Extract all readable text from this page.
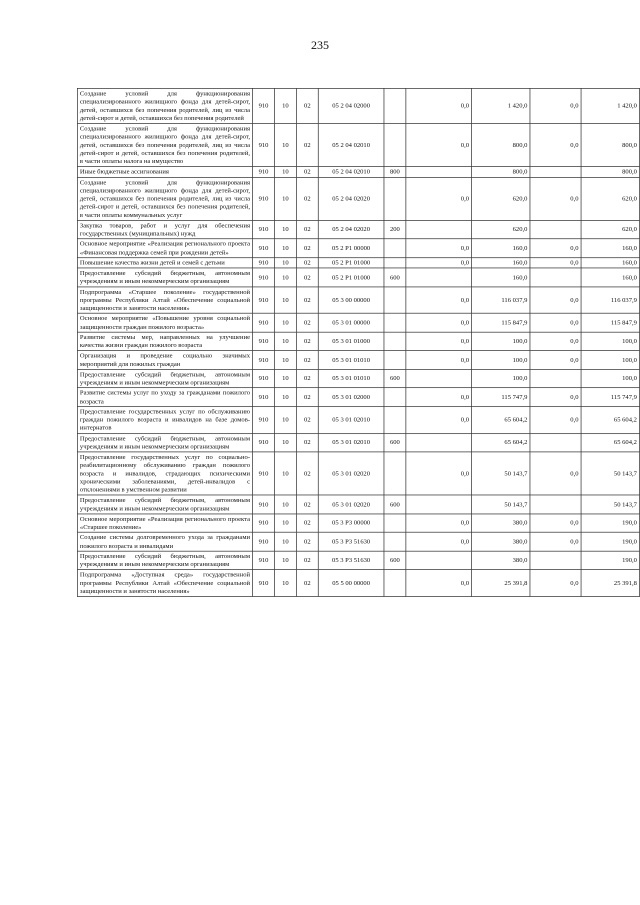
235
Создание условий для функционирования специализированного жилищного фонда для детей-сирот, детей, оставшихся без попечения родителей, лиц из числа детей-сирот и детей, оставшихся без попечения родителей	910	10	02	05 2 04 02000		0,0	1 420,0	0,0	1 420,0
Создание условий для функционирования специализированного жилищного фонда для детей-сирот, детей, оставшихся без попечения родителей, лиц из числа детей-сирот и детей, оставшихся без попечения родителей, в части оплаты налога на имущество	910	10	02	05 2 04 02010		0,0	800,0	0,0	800,0
Иные бюджетные ассигнования	910	10	02	05 2 04 02010	800		800,0		800,0
Создание условий для функционирования специализированного жилищного фонда для детей-сирот, детей, оставшихся без попечения родителей, лиц из числа детей-сирот и детей, оставшихся без попечения родителей, в части оплаты коммунальных услуг	910	10	02	05 2 04 02020		0,0	620,0	0,0	620,0
Закупка товаров, работ и услуг для обеспечения государственных (муниципальных) нужд	910	10	02	05 2 04 02020	200		620,0		620,0
Основное мероприятие «Реализация регионального проекта «Финансовая поддержка семей при рождении детей»	910	10	02	05 2 P1 00000		0,0	160,0	0,0	160,0
Повышение качества жизни детей и семей с детьми	910	10	02	05 2 P1 01000		0,0	160,0	0,0	160,0
Предоставление субсидий бюджетным, автономным учреждениям и иным некоммерческим организациям	910	10	02	05 2 P1 01000	600		160,0		160,0
Подпрограмма «Старшее поколение» государственной программы Республики Алтай «Обеспечение социальной защищенности и занятости населения»	910	10	02	05 3 00 00000		0,0	116 037,9	0,0	116 037,9
Основное мероприятие «Повышение уровня социальной защищенности граждан пожилого возраста»	910	10	02	05 3 01 00000		0,0	115 847,9	0,0	115 847,9
Развитие системы мер, направленных на улучшение качества жизни граждан пожилого возраста	910	10	02	05 3 01 01000		0,0	100,0	0,0	100,0
Организация и проведение социально значимых мероприятий для пожилых граждан	910	10	02	05 3 01 01010		0,0	100,0	0,0	100,0
Предоставление субсидий бюджетным, автономным учреждениям и иным некоммерческим организациям	910	10	02	05 3 01 01010	600		100,0		100,0
Развитие системы услуг по уходу за гражданами пожилого возраста	910	10	02	05 3 01 02000		0,0	115 747,9	0,0	115 747,9
Предоставление государственных услуг по обслуживанию граждан пожилого возраста и инвалидов на базе домов-интернатов	910	10	02	05 3 01 02010		0,0	65 604,2	0,0	65 604,2
Предоставление субсидий бюджетным, автономным учреждениям и иным некоммерческим организациям	910	10	02	05 3 01 02010	600		65 604,2		65 604,2
Предоставление государственных услуг по социально-реабилитационному обслуживанию граждан пожилого возраста и инвалидов, страдающих психическими хроническими заболеваниями, детей-инвалидов с отклонениями в умственном развитии	910	10	02	05 3 01 02020		0,0	50 143,7	0,0	50 143,7
Предоставление субсидий бюджетным, автономным учреждениям и иным некоммерческим организациям	910	10	02	05 3 01 02020	600		50 143,7		50 143,7
Основное мероприятие «Реализация регионального проекта «Старшее поколение»	910	10	02	05 3 P3 00000		0,0	380,0	0,0	190,0
Создание системы долговременного ухода за гражданами пожилого возраста и инвалидами	910	10	02	05 3 P3 51630		0,0	380,0	0,0	190,0
Предоставление субсидий бюджетным, автономным учреждениям и иным некоммерческим организациям	910	10	02	05 3 P3 51630	600		380,0		190,0
Подпрограмма «Доступная среда» государственной программы Республики Алтай «Обеспечение социальной защищенности и занятости населения»	910	10	02	05 5 00 00000		0,0	25 391,8	0,0	25 391,8
